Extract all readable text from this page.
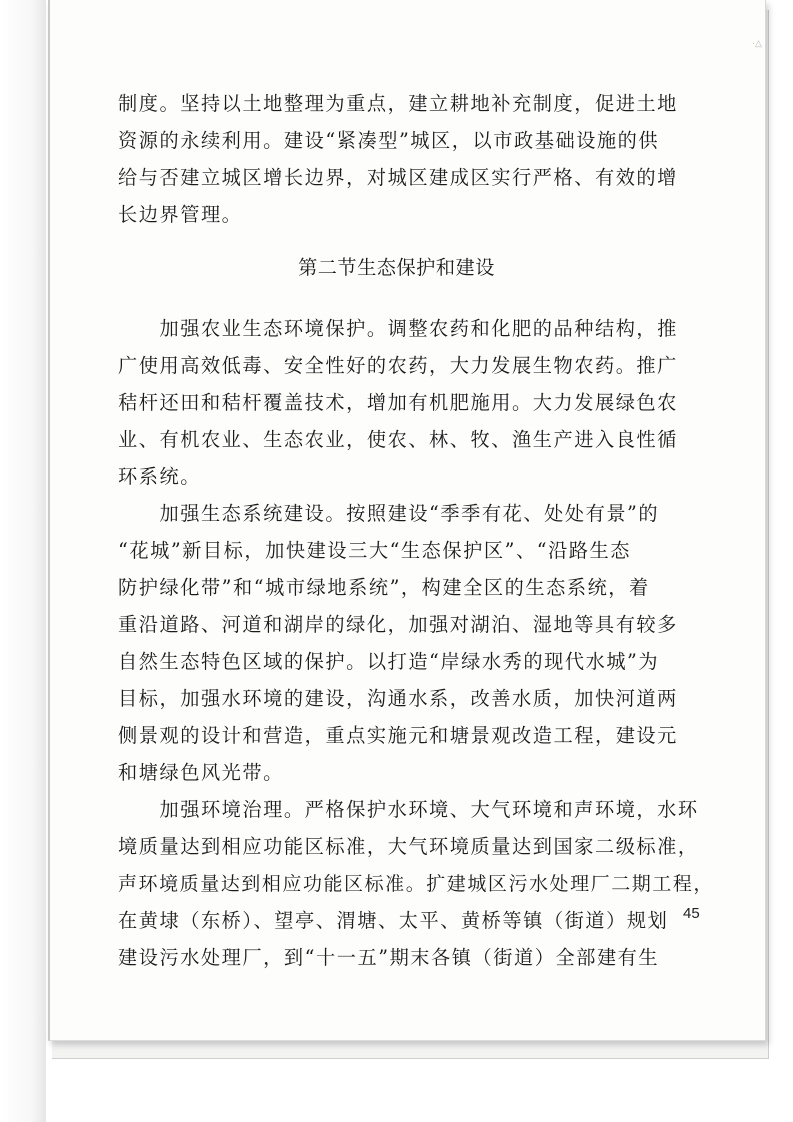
·△
制度。坚持以土地整理为重点，建立耕地补充制度，促进土地
资源的永续利用。建设“紧凑型”城区，以市政基础设施的供
给与否建立城区增长边界，对城区建成区实行严格、有效的增
长边界管理。
第二节生态保护和建设
　　加强农业生态环境保护。调整农药和化肥的品种结构，推
广使用高效低毒、安全性好的农药，大力发展生物农药。推广
秸杆还田和秸杆覆盖技术，增加有机肥施用。大力发展绿色农
业、有机农业、生态农业，使农、林、牧、渔生产进入良性循
环系统。
　　加强生态系统建设。按照建设“季季有花、处处有景”的
“花城”新目标，加快建设三大“生态保护区”、“沿路生态
防护绿化带”和“城市绿地系统”，构建全区的生态系统，着
重沿道路、河道和湖岸的绿化，加强对湖泊、湿地等具有较多
自然生态特色区域的保护。以打造“岸绿水秀的现代水城”为
目标，加强水环境的建设，沟通水系，改善水质，加快河道两
侧景观的设计和营造，重点实施元和塘景观改造工程，建设元
和塘绿色风光带。
　　加强环境治理。严格保护水环境、大气环境和声环境，水环
境质量达到相应功能区标准，大气环境质量达到国家二级标准，
声环境质量达到相应功能区标准。扩建城区污水处理厂二期工程，
在黄埭（东桥）、望亭、渭塘、太平、黄桥等镇（街道）规划
建设污水处理厂，到“十一五”期末各镇（街道）全部建有生
45
